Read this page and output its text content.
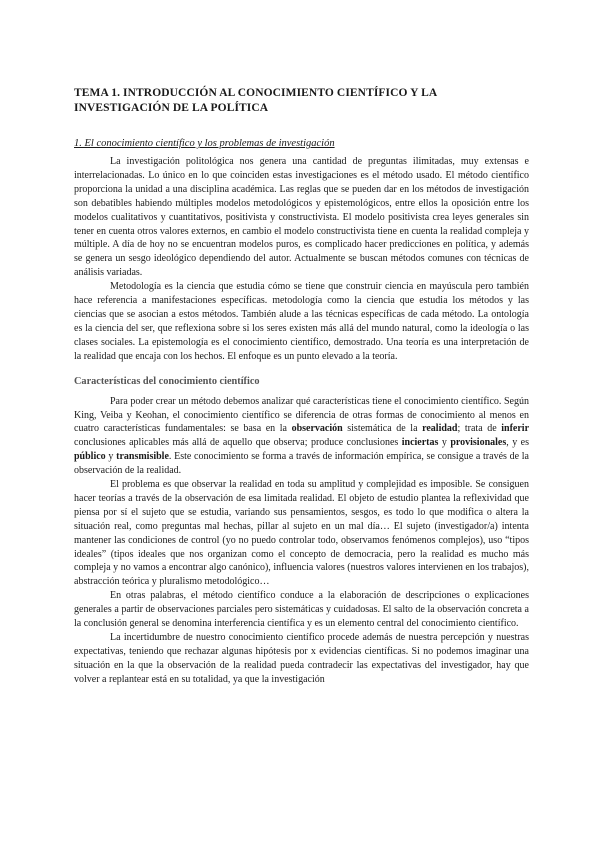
TEMA 1. INTRODUCCIÓN AL CONOCIMIENTO CIENTÍFICO Y LA INVESTIGACIÓN DE LA POLÍTICA
1. El conocimiento científico y los problemas de investigación

La investigación politológica nos genera una cantidad de preguntas ilimitadas, muy extensas e interrelacionadas. Lo único en lo que coinciden estas investigaciones es el método usado. El método científico proporciona la unidad a una disciplina académica. Las reglas que se pueden dar en los métodos de investigación son debatibles habiendo múltiples modelos metodológicos y epistemológicos, entre ellos la oposición entre los modelos cualitativos y cuantitativos, positivista y constructivista. El modelo positivista crea leyes generales sin tener en cuenta otros valores externos, en cambio el modelo constructivista tiene en cuenta la realidad compleja y múltiple. A día de hoy no se encuentran modelos puros, es complicado hacer predicciones en política, y además se genera un sesgo ideológico dependiendo del autor. Actualmente se buscan métodos comunes con técnicas de análisis variadas.

Metodología es la ciencia que estudia cómo se tiene que construir ciencia en mayúscula pero también hace referencia a manifestaciones específicas. metodología como la ciencia que estudia los métodos y las ciencias que se asocian a estos métodos. También alude a las técnicas específicas de cada método. La ontología es la ciencia del ser, que reflexiona sobre si los seres existen más allá del mundo natural, como la ideología o las clases sociales. La epistemología es el conocimiento científico, demostrado. Una teoría es una interpretación de la realidad que encaja con los hechos. El enfoque es un punto elevado a la teoría.

Características del conocimiento científico

Para poder crear un método debemos analizar qué características tiene el conocimiento científico. Según King, Veiba y Keohan, el conocimiento científico se diferencia de otras formas de conocimiento al menos en cuatro características fundamentales: se basa en la observación sistemática de la realidad; trata de inferir conclusiones aplicables más allá de aquello que observa; produce conclusiones inciertas y provisionales, y es público y transmisible. Este conocimiento se forma a través de información empírica, se consigue a través de la observación de la realidad.

El problema es que observar la realidad en toda su amplitud y complejidad es imposible. Se consiguen hacer teorías a través de la observación de esa limitada realidad. El objeto de estudio plantea la reflexividad que piensa por sí el sujeto que se estudia, variando sus pensamientos, sesgos, es todo lo que modifica o altera la situación real, como preguntas mal hechas, pillar al sujeto en un mal día… El sujeto (investigador/a) intenta mantener las condiciones de control (yo no puedo controlar todo, observamos fenómenos complejos), uso “tipos ideales” (tipos ideales que nos organizan como el concepto de democracia, pero la realidad es mucho más compleja y no vamos a encontrar algo canónico), influencia valores (nuestros valores intervienen en los trabajos), abstracción teórica y pluralismo metodológico…

En otras palabras, el método científico conduce a la elaboración de descripciones o explicaciones generales a partir de observaciones parciales pero sistemáticas y cuidadosas. El salto de la observación concreta a la conclusión general se denomina interferencia científica y es un elemento central del conocimiento científico.

La incertidumbre de nuestro conocimiento científico procede además de nuestra percepción y nuestras expectativas, teniendo que rechazar algunas hipótesis por x evidencias científicas. Si no podemos imaginar una situación en la que la observación de la realidad pueda contradecir las expectativas del investigador, hay que volver a replantear está en su totalidad, ya que la investigación
